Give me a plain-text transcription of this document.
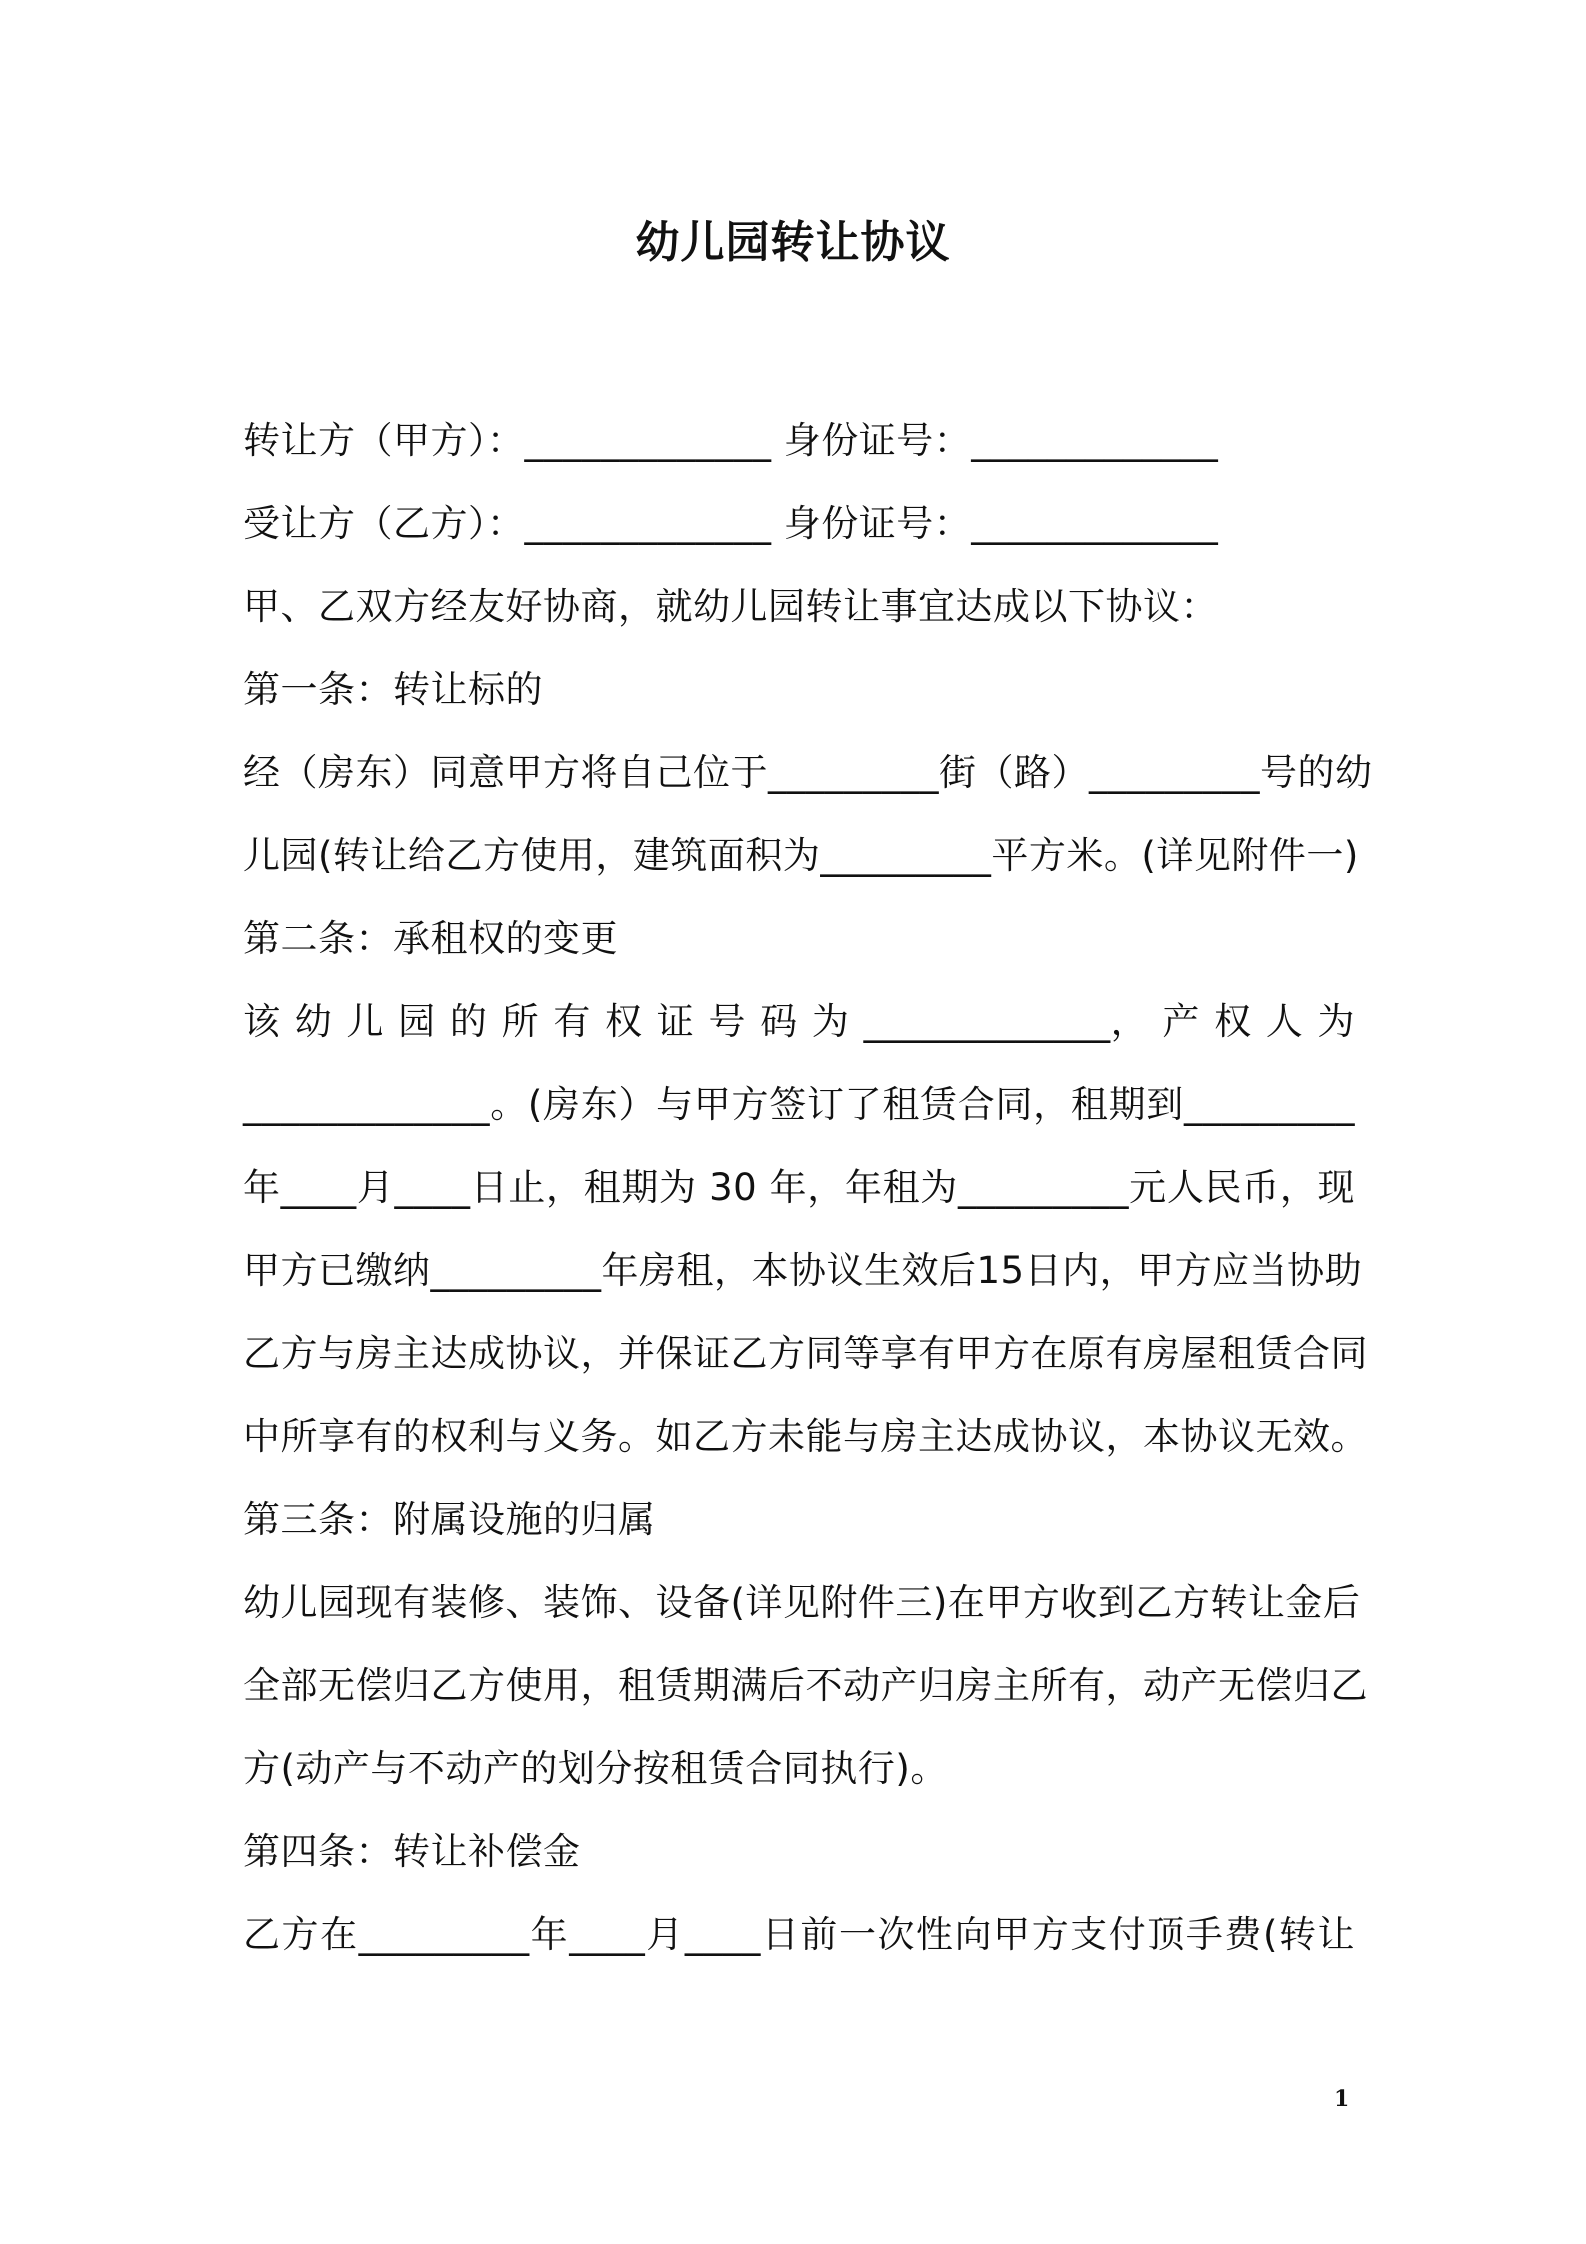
幼儿园转让协议
转让方（甲方）：_____________ 身份证号：_____________
受让方（乙方）：_____________ 身份证号：_____________
甲、乙双方经友好协商，就幼儿园转让事宜达成以下协议：
第一条：转让标的
经（房东）同意甲方将自己位于_________街（路）_________号的幼
儿园(转让给乙方使用，建筑面积为_________平方米。(详见附件一)
第二条：承租权的变更
该 幼 儿 园 的 所 有 权 证 号 码 为 _____________， 产 权 人 为
_____________。(房东）与甲方签订了租赁合同，租期到_________
年____月____日止，租期为 30 年，年租为_________元人民币，现
甲方已缴纳_________年房租，本协议生效后15日内，甲方应当协助
乙方与房主达成协议，并保证乙方同等享有甲方在原有房屋租赁合同
中所享有的权利与义务。如乙方未能与房主达成协议，本协议无效。
第三条：附属设施的归属
幼儿园现有装修、装饰、设备(详见附件三)在甲方收到乙方转让金后
全部无偿归乙方使用，租赁期满后不动产归房主所有，动产无偿归乙
方(动产与不动产的划分按租赁合同执行)。
第四条：转让补偿金
乙方在_________年____月____日前一次性向甲方支付顶手费(转让
1
